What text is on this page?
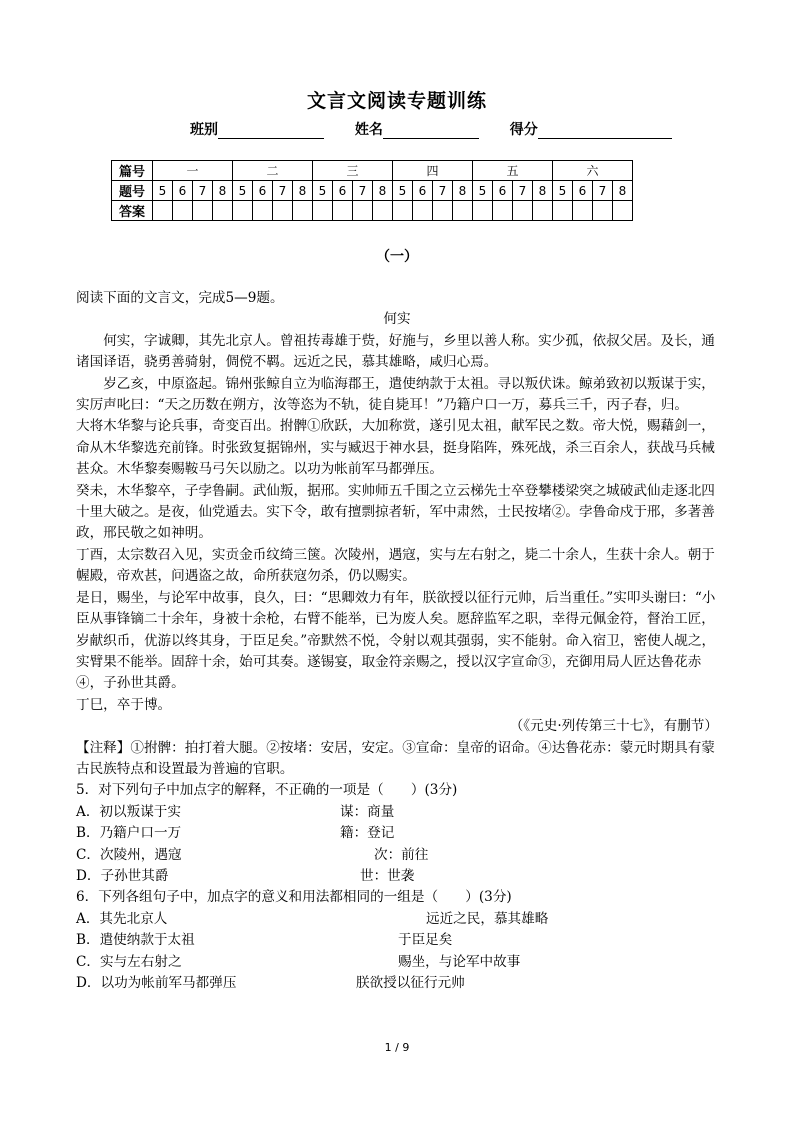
文言文阅读专题训练
班别	姓名	得分
篇号	一				二				三				四				五				六			
题号	5	6	7	8	5	6	7	8	5	6	7	8	5	6	7	8	5	6	7	8	5	6	7	8
答案																								
（一）

阅读下面的文言文，完成5—9题。

何实

何实，字诚卿，其先北京人。曾祖抟毒雄于赀，好施与，乡里以善人称。实少孤，依叔父居。及长，通诸国译语，骁勇善骑射，倜傥不羁。远近之民，慕其雄略，咸归心焉。

岁乙亥，中原盗起。锦州张鲸自立为临海郡王，遣使纳款于太祖。寻以叛伏诛。鲸弟致初以叛谋于实，实厉声叱曰：“天之历数在朔方，汝等恣为不轨，徒自毙耳！”乃籍户口一万，募兵三千，丙子春，归。

大将木华黎与论兵事，奇变百出。拊髀①欣跃，大加称赏，遂引见太祖，献军民之数。帝大悦，赐藉剑一，命从木华黎选充前锋。时张致复据锦州，实与臧迟于神水县，挺身陷阵，殊死战，杀三百余人，获战马兵械甚众。木华黎奏赐鞍马弓矢以励之。以功为帐前军马都弹压。

癸未，木华黎卒，子孛鲁嗣。武仙叛，据邢。实帅师五千围之立云梯先士卒登攀楼梁突之城破武仙走逐北四十里大破之。是夜，仙党遁去。实下令，敢有擅剽掠者斩，军中肃然，士民按堵②。孛鲁命戍于邢，多著善政，邢民敬之如神明。

丁酉，太宗数召入见，实贡金币纹绮三箧。次陵州，遇寇，实与左右射之，毙二十余人，生获十余人。朝于幄殿，帝欢甚，问遇盗之故，命所获寇勿杀，仍以赐实。

是日，赐坐，与论军中故事，良久，曰：“思卿效力有年，朕欲授以征行元帅，后当重任。”实叩头谢曰：“小臣从事锋镝二十余年，身被十余枪，右臂不能举，已为废人矣。愿辞监军之职，幸得元佩金符，督治工匠，岁献织币，优游以终其身，于臣足矣。”帝默然不悦，令射以观其强弱，实不能射。命入宿卫，密使人觇之，实臂果不能举。固辞十余，始可其奏。遂锡宴，取金符亲赐之，授以汉字宣命③，充御用局人匠达鲁花赤④，子孙世其爵。

丁巳，卒于博。

（《元史·列传第三十七》，有删节）

【注释】①拊髀：拍打着大腿。②按堵：安居，安定。③宣命：皇帝的诏命。④达鲁花赤：蒙元时期具有蒙古民族特点和设置最为普遍的官职。

5．对下列句子中加点字的解释，不正确的一项是（　　）(3分)

A．初以叛谋于实	谋：商量
B．乃籍户口一万	籍：登记
C．次陵州，遇寇	次：前往
D．子孙世其爵	世：世袭

6．下列各组句子中，加点字的意义和用法都相同的一组是（　　）(3分)

A．其先北京人	远近之民，慕其雄略
B．遣使纳款于太祖	于臣足矣
C．实与左右射之	赐坐，与论军中故事
D．以功为帐前军马都弹压	朕欲授以征行元帅
1 / 9
